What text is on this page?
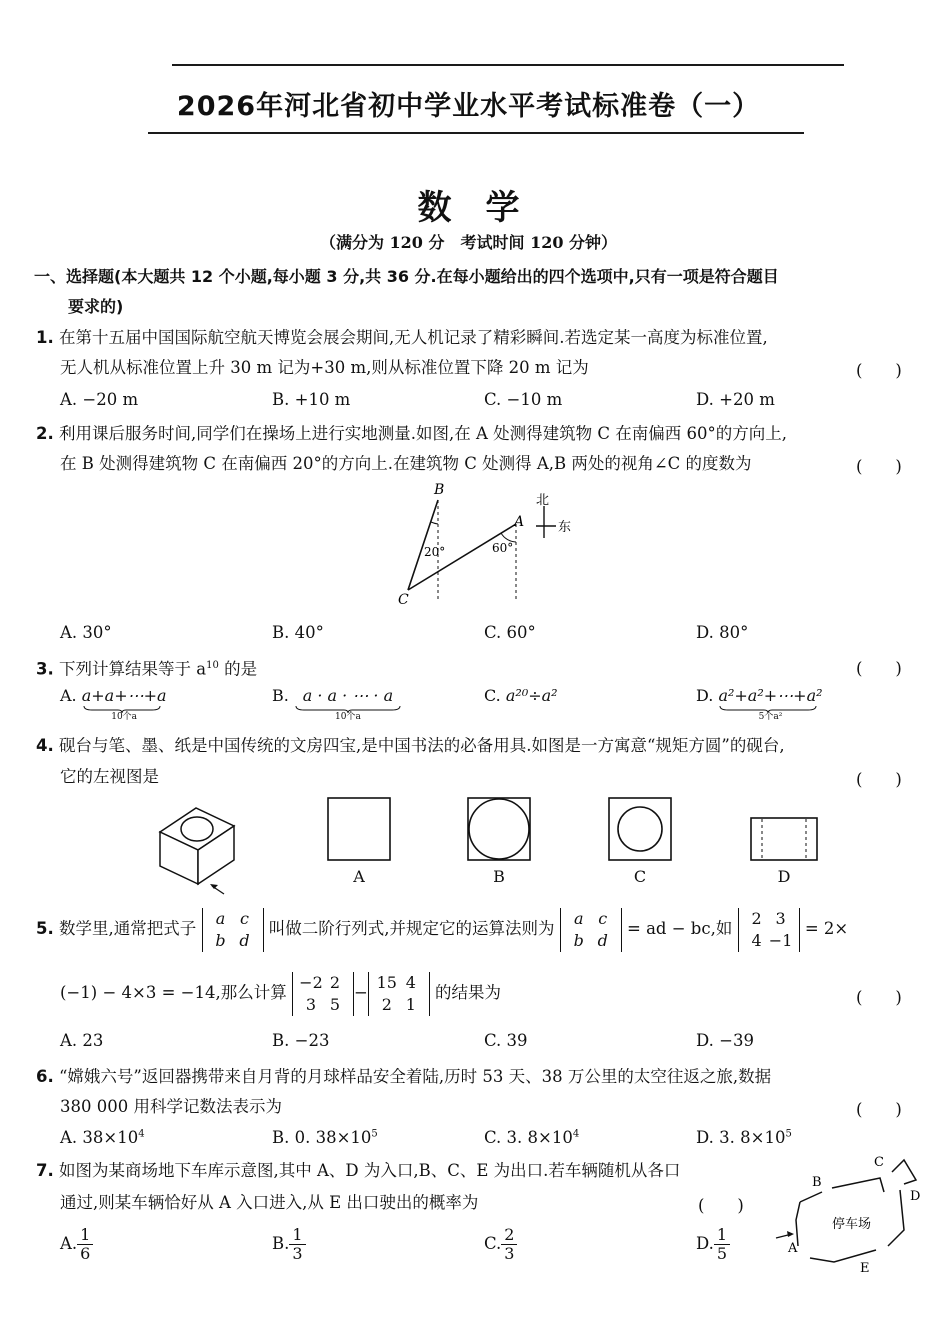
2026年河北省初中学业水平考试标准卷（一）
数学
（满分为 120 分　考试时间 120 分钟）
一、选择题(本大题共 12 个小题,每小题 3 分,共 36 分.在每小题给出的四个选项中,只有一项是符合题目
要求的)
1. 在第十五届中国国际航空航天博览会展会期间,无人机记录了精彩瞬间.若选定某一高度为标准位置,
无人机从标准位置上升 30 m 记为+30 m,则从标准位置下降 20 m 记为	(　　)
A. −20 m	B. +10 m	C. −10 m	D. +20 m
2. 利用课后服务时间,同学们在操场上进行实地测量.如图,在 A 处测得建筑物 C 在南偏西 60°的方向上,
在 B 处测得建筑物 C 在南偏西 20°的方向上.在建筑物 C 处测得 A,B 两处的视角∠C 的度数为	(　　)
B
A
C
20°	60°
北
东
A. 30°	B. 40°	C. 60°	D. 80°
3. 下列计算结果等于 $a^{10}$ 的是	(　　)
A. a+a+⋯+a
10个a
B. a · a · ⋯ · a
10个a
C. a²⁰÷a²	D. a²+a²+⋯+a²
5个a²
4. 砚台与笔、墨、纸是中国传统的文房四宝,是中国书法的必备用具.如图是一方寓意“规矩方圆”的砚台,
它的左视图是	(　　)
A	B	C	D
5. 数学里,通常把式子 a c
b d 叫做二阶行列式,并规定它的运算法则为 a c
b d = ad − bc,如 2 3
4 −1 = 2×
(−1) − 4×3 = −14,那么计算 −2 2
3 5−15 4
2 1 的结果为	(　　)
A. 23	B. −23	C. 39	D. −39
6. “嫦娥六号”返回器携带来自月背的月球样品安全着陆,历时 53 天、38 万公里的太空往返之旅,数据
380 000 用科学记数法表示为	(　　)
A. $38\times 10^4$	B. 0. $38\times 10^5$	C. 3. $8\times 10^4$	D. 3. $8\times 10^5$
7. 如图为某商场地下车库示意图,其中 A、D 为入口,B、C、E 为出口.若车辆随机从各口
通过,则某车辆恰好从 A 入口进入,从 E 出口驶出的概率为	(　　)
停车场
A
B
C
D
E
A. $\frac{1}{6}$	B. $\frac{1}{3}$	C. $\frac{2}{3}$	D. $\frac{1}{5}$
